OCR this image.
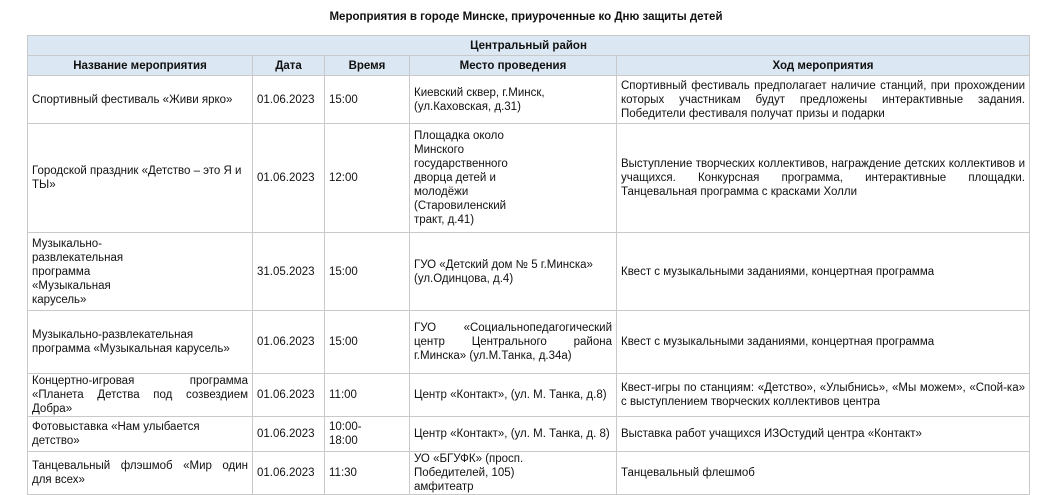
Мероприятия в городе Минске, приуроченные ко Дню защиты детей
Центральный район				
Название мероприятия	Дата	Время	Место проведения	Ход мероприятия
Спортивный фестиваль «Живи ярко»	01.06.2023	15:00	Киевский сквер, г.Минск, (ул.Каховская, д.31)	Спортивный фестиваль предполагает наличие станций, при прохождении которых участникам будут предложены интерактивные задания. Победители фестиваля получат призы и подарки
Городской праздник «Детство – это Я и ТЫ»	01.06.2023	12:00	Площадка около Минского государственного дворца детей и молодёжи (Старовиленский тракт, д.41)	Выступление творческих коллективов, награждение детских коллективов и учащихся. Конкурсная программа, интерактивные площадки. Танцевальная программа с красками Холли
Музыкально-развлекательная программа «Музыкальная карусель»	31.05.2023	15:00	ГУО «Детский дом № 5 г.Минска» (ул.Одинцова, д.4)	Квест с музыкальными заданиями, концертная программа
Музыкально-развлекательная программа «Музыкальная карусель»	01.06.2023	15:00	ГУО «Социальнопедагогический центр Центрального района г.Минска» (ул.М.Танка, д.34а)	Квест с музыкальными заданиями, концертная программа
Концертно-игровая программа «Планета Детства под созвездием Добра»	01.06.2023	11:00	Центр «Контакт», (ул. М. Танка, д.8)	Квест-игры по станциям: «Детство», «Улыбнись», «Мы можем», «Спой-ка» с выступлением творческих коллективов центра
Фотовыставка «Нам улыбается детство»	01.06.2023	10:00-18:00	Центр «Контакт», (ул. М. Танка, д. 8)	Выставка работ учащихся ИЗОстудий центра «Контакт»
Танцевальный флэшмоб «Мир один для всех»	01.06.2023	11:30	УО «БГУФК» (просп. Победителей, 105) амфитеатр	Танцевальный флешмоб
